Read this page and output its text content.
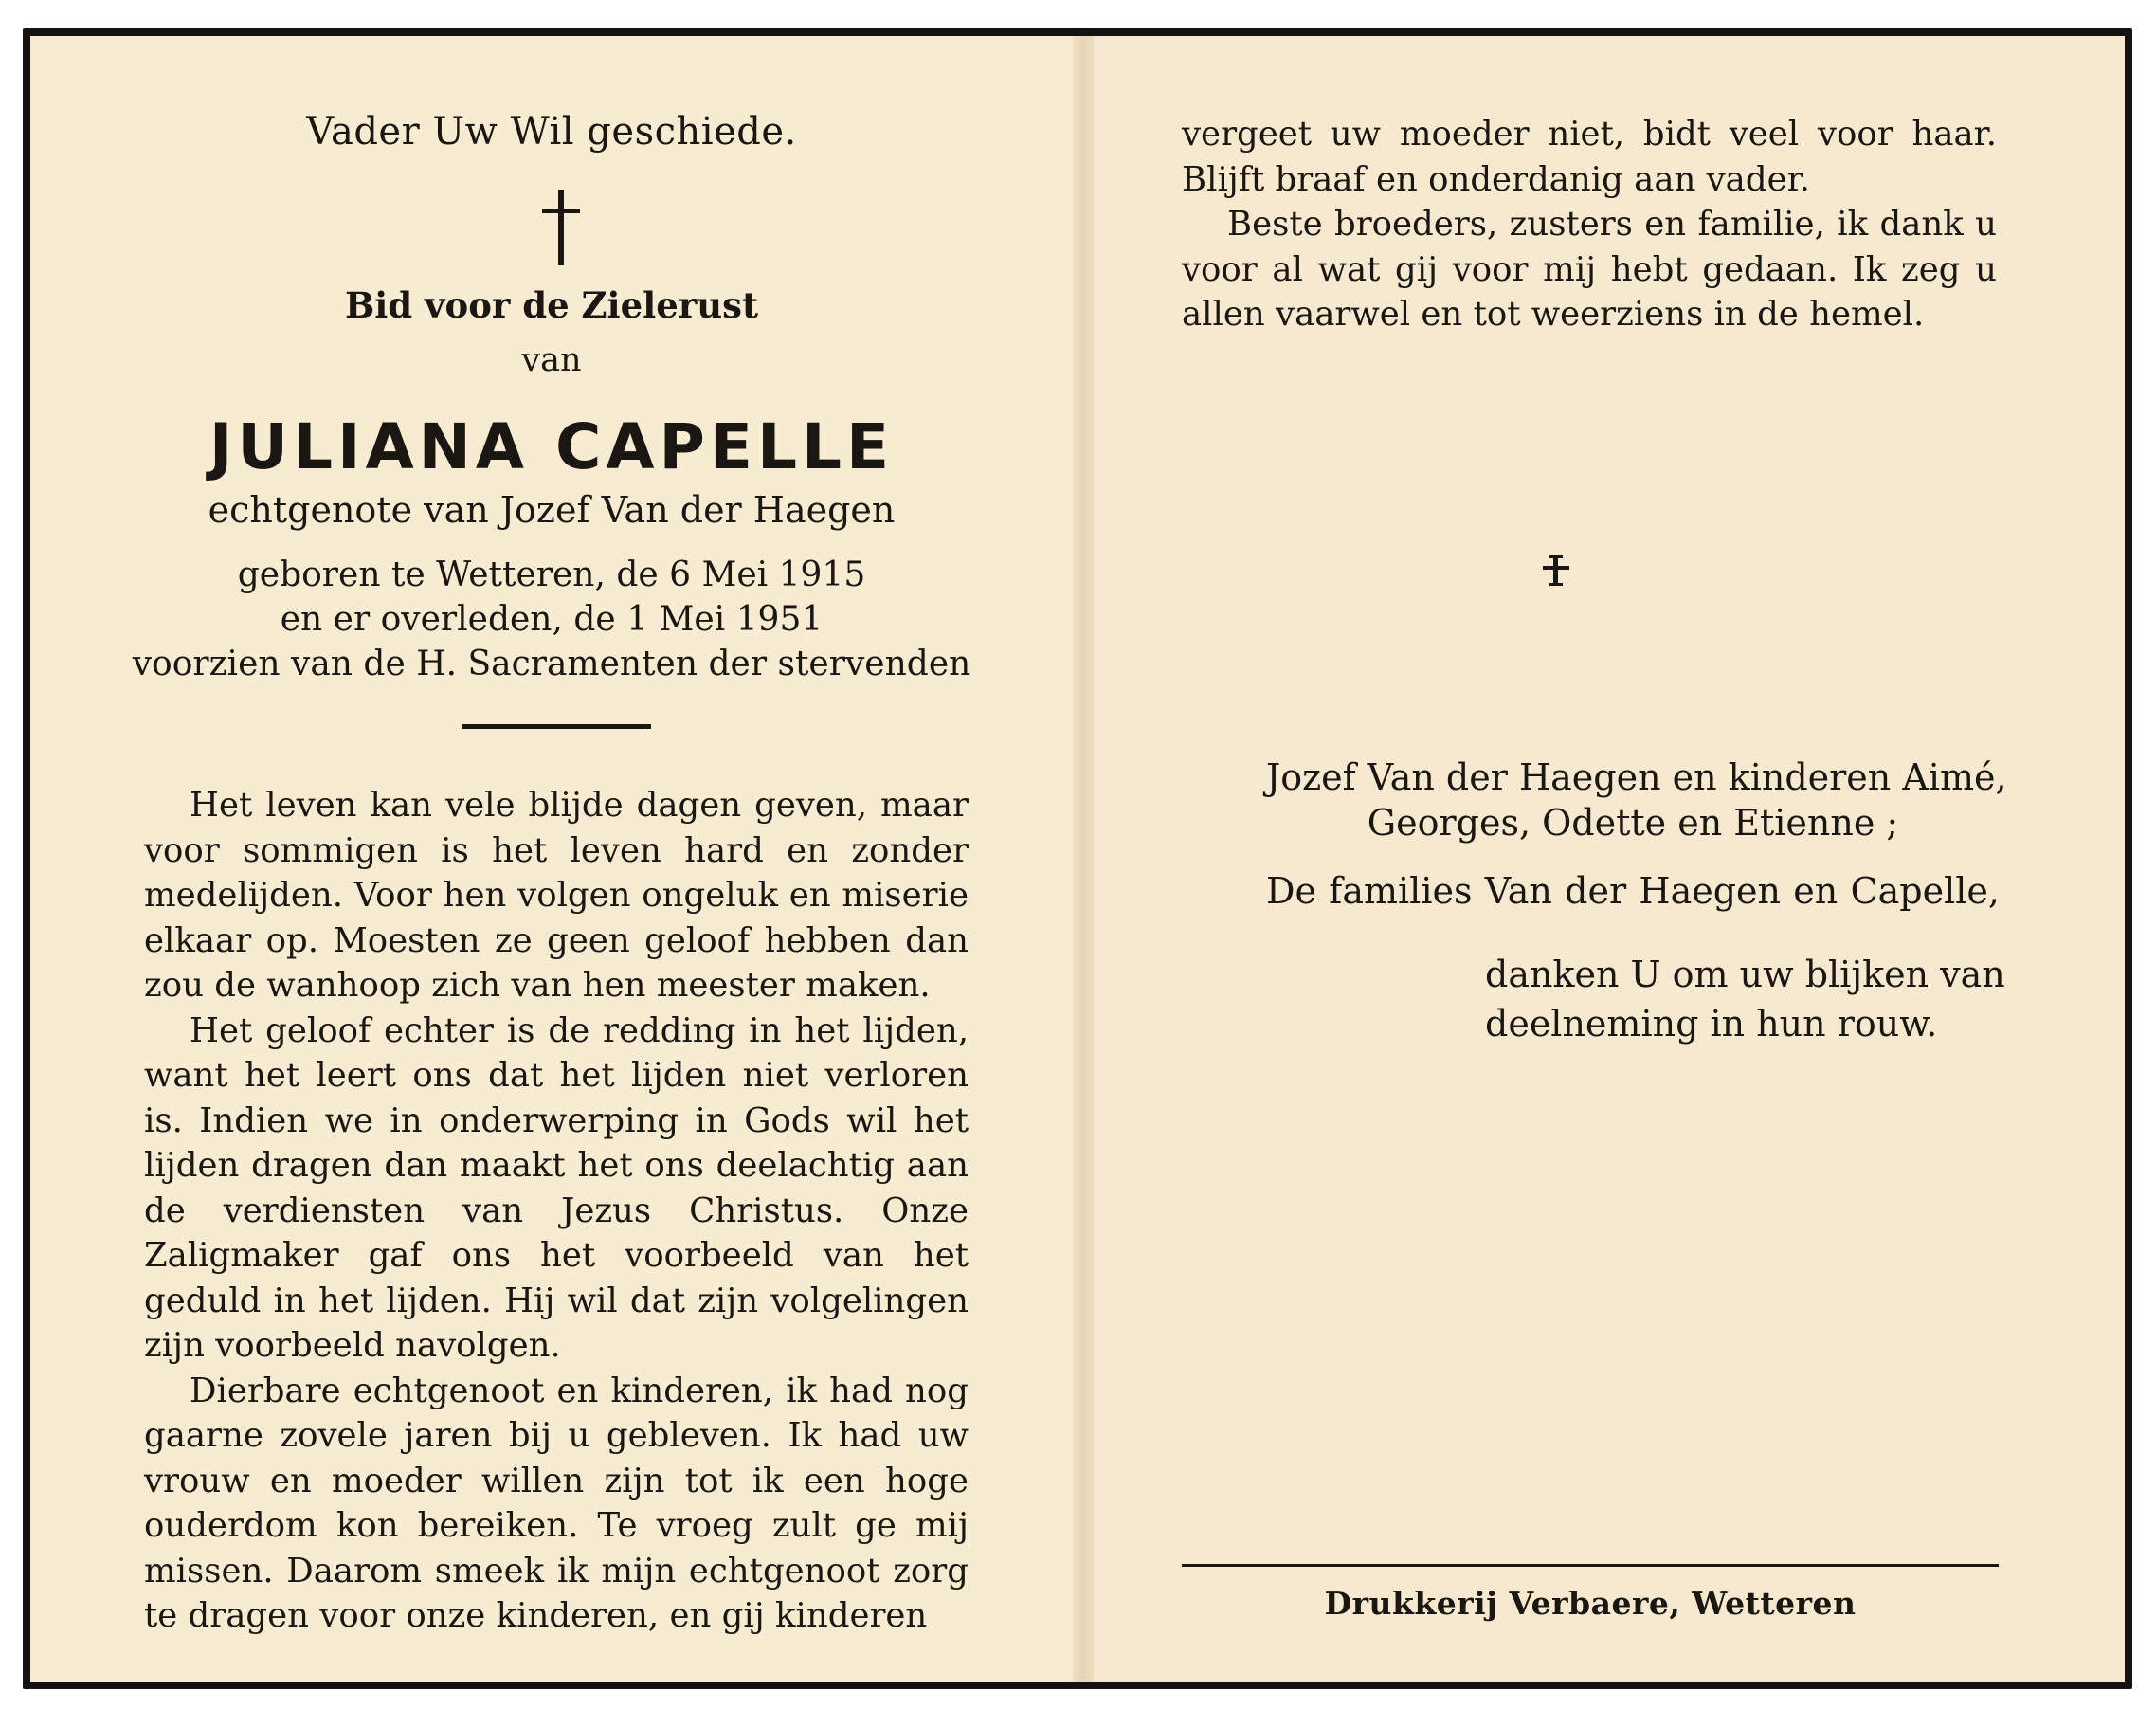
Vader Uw Wil geschiede.
Bid voor de Zielerust
van
JULIANA CAPELLE
echtgenote van Jozef Van der Haegen
geboren te Wetteren, de 6 Mei 1915
en er overleden, de 1 Mei 1951
voorzien van de H. Sacramenten der stervenden

Het leven kan vele blijde dagen geven, maar voor sommigen is het leven hard en zonder medelijden. Voor hen volgen ongeluk en miserie elkaar op. Moesten ze geen geloof hebben dan zou de wanhoop zich van hen meester maken.

Het geloof echter is de redding in het lijden, want het leert ons dat het lijden niet verloren is. Indien we in onderwerping in Gods wil het lijden dragen dan maakt het ons deelachtig aan de verdiensten van Jezus Christus. Onze Zaligmaker gaf ons het voorbeeld van het geduld in het lijden. Hij wil dat zijn volgelingen zijn voorbeeld navolgen.

Dierbare echtgenoot en kinderen, ik had nog gaarne zovele jaren bij u gebleven. Ik had uw vrouw en moeder willen zijn tot ik een hoge ouderdom kon bereiken. Te vroeg zult ge mij missen. Daarom smeek ik mijn echtgenoot zorg te dragen voor onze kinderen, en gij kinderen

vergeet uw moeder niet, bidt veel voor haar. Blijft braaf en onderdanig aan vader.

Beste broeders, zusters en familie, ik dank u voor al wat gij voor mij hebt gedaan. Ik zeg u allen vaarwel en tot weerziens in de hemel.

Jozef Van der Haegen en kinderen Aimé,
Georges, Odette en Etienne ;
De families Van der Haegen en Capelle,
danken U om uw blijken van
deelneming in hun rouw.
Drukkerij Verbaere, Wetteren
